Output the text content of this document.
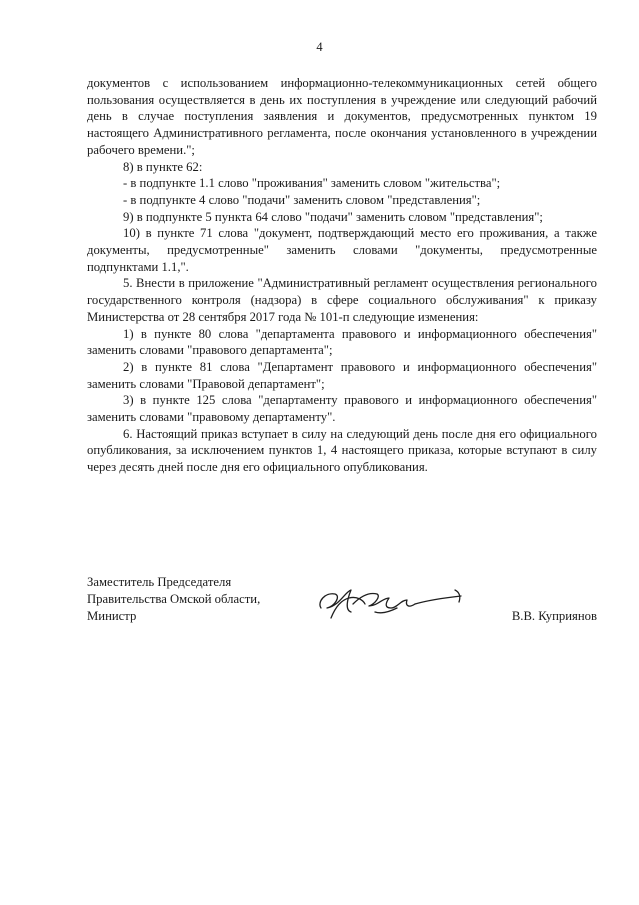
4

документов с использованием информационно-телекоммуникационных сетей общего пользования осуществляется в день их поступления в учреждение или следующий рабочий день в случае поступления заявления и документов, предусмотренных пунктом 19 настоящего Административного регламента, после окончания установленного в учреждении рабочего времени.";

8) в пункте 62:

- в подпункте 1.1 слово "проживания" заменить словом "жительства";

- в подпункте 4 слово "подачи" заменить словом "представления";

9) в подпункте 5 пункта 64 слово "подачи" заменить словом "представления";

10) в пункте 71 слова "документ, подтверждающий место его проживания, а также документы, предусмотренные" заменить словами "документы, предусмотренные подпунктами 1.1,".

5. Внести в приложение "Административный регламент осуществления регионального государственного контроля (надзора) в сфере социального обслуживания" к приказу Министерства от 28 сентября 2017 года № 101-п следующие изменения:

1) в пункте 80 слова "департамента правового и информационного обеспечения" заменить словами "правового департамента";

2) в пункте 81 слова "Департамент правового и информационного обеспечения" заменить словами "Правовой департамент";

3) в пункте 125 слова "департаменту правового и информационного обеспечения" заменить словами "правовому департаменту".

6. Настоящий приказ вступает в силу на следующий день после дня его официального опубликования, за исключением пунктов 1, 4 настоящего приказа, которые вступают в силу через десять дней после дня его официального опубликования.

Заместитель Председателя
Правительства Омской области,
Министр	В.В. Куприянов
